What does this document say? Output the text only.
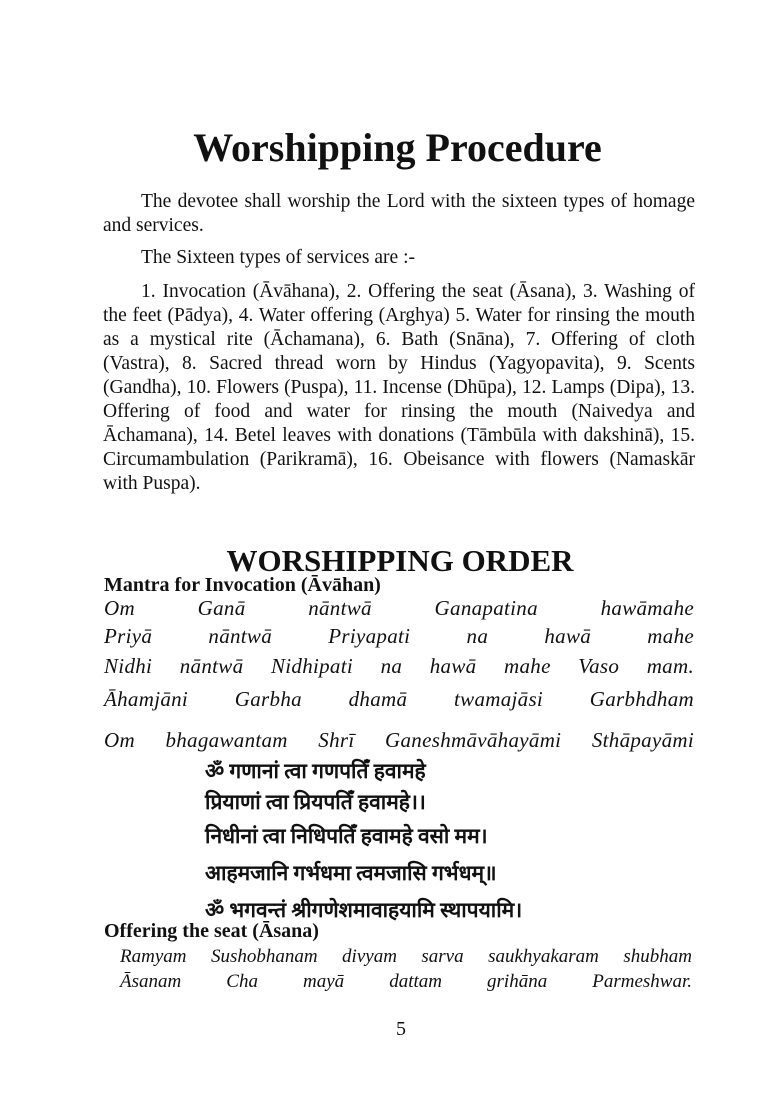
Worshipping Procedure
The devotee shall worship the Lord with the sixteen types of homage and services.
The Sixteen types of services are :-
1. Invocation (Āvāhana), 2. Offering the seat (Āsana), 3. Washing of the feet (Pādya), 4. Water offering (Arghya) 5. Water for rinsing the mouth as a mystical rite (Āchamana), 6. Bath (Snāna), 7. Offering of cloth (Vastra), 8. Sacred thread worn by Hindus (Yagyopavita), 9. Scents (Gandha), 10. Flowers (Puspa), 11. Incense (Dhūpa), 12. Lamps (Dipa), 13. Offering of food and water for rinsing the mouth (Naivedya and Āchamana), 14. Betel leaves with donations (Tāmbūla with dakshinā), 15. Circumambulation (Parikramā), 16. Obeisance with flowers (Namaskār with Puspa).
WORSHIPPING ORDER
Mantra for Invocation (Āvāhan)
Om Ganā nāntwā Ganapatina hawāmahe
Priyā nāntwā Priyapati na hawā mahe
Nidhi nāntwā Nidhipati na hawā mahe Vaso mam.
Āhamjāni Garbha dhamā twamajāsi Garbhdham
Om bhagawantam Shrī Ganeshmāvāhayāmi Sthāpayāmi
ॐ गणानां त्वा गणपतिँ हवामहे
प्रियाणां त्वा प्रियपतिँ हवामहे।।
निधीनां त्वा निधिपतिँ हवामहे वसो मम।
आहमजानि गर्भधमा त्वमजासि गर्भधम्॥
ॐ भगवन्तं श्रीगणेशमावाहयामि स्थापयामि।
Offering the seat (Āsana)
Ramyam Sushobhanam divyam sarva saukhyakaram shubham
Āsanam Cha mayā dattam grihāna Parmeshwar.
5
